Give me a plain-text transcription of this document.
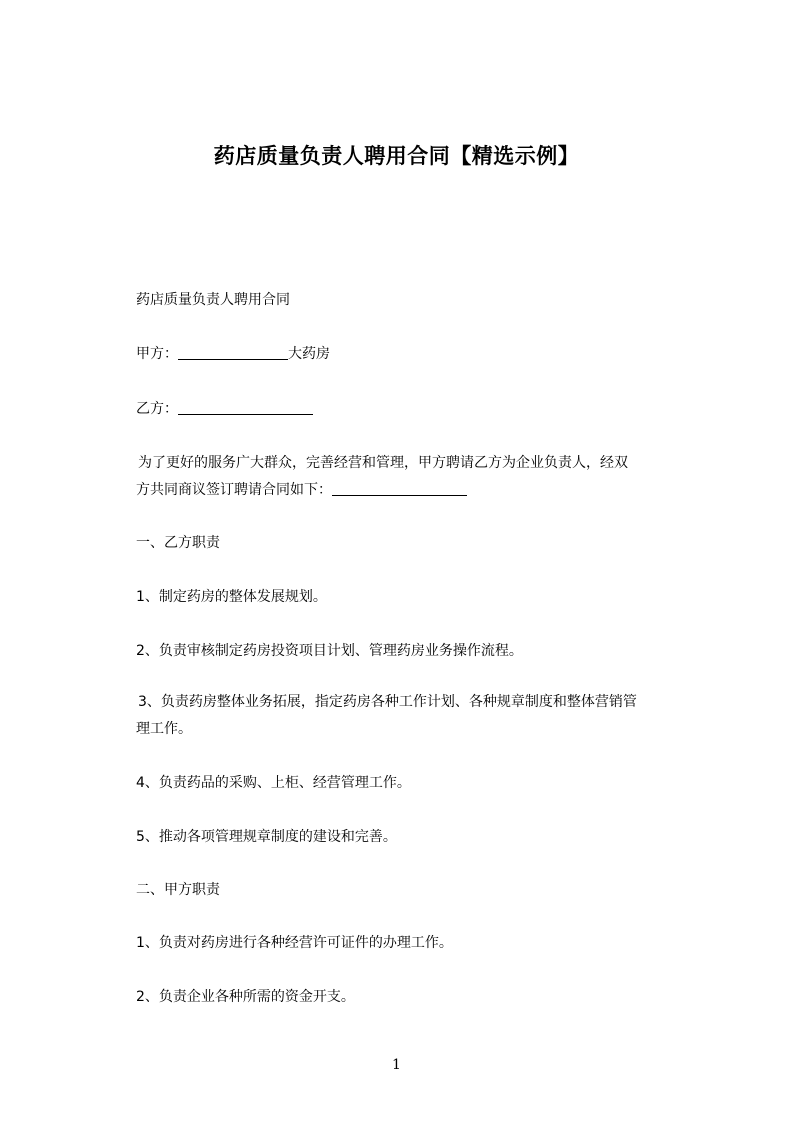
药店质量负责人聘用合同【精选示例】
药店质量负责人聘用合同
甲方：	大药房
乙方：
为了更好的服务广大群众，完善经营和管理，甲方聘请乙方为企业负责人，经双
方共同商议签订聘请合同如下：
一、乙方职责
1、制定药房的整体发展规划。
2、负责审核制定药房投资项目计划、管理药房业务操作流程。
3、负责药房整体业务拓展，指定药房各种工作计划、各种规章制度和整体营销管
理工作。
4、负责药品的采购、上柜、经营管理工作。
5、推动各项管理规章制度的建设和完善。
二、甲方职责
1、负责对药房进行各种经营许可证件的办理工作。
2、负责企业各种所需的资金开支。
1
